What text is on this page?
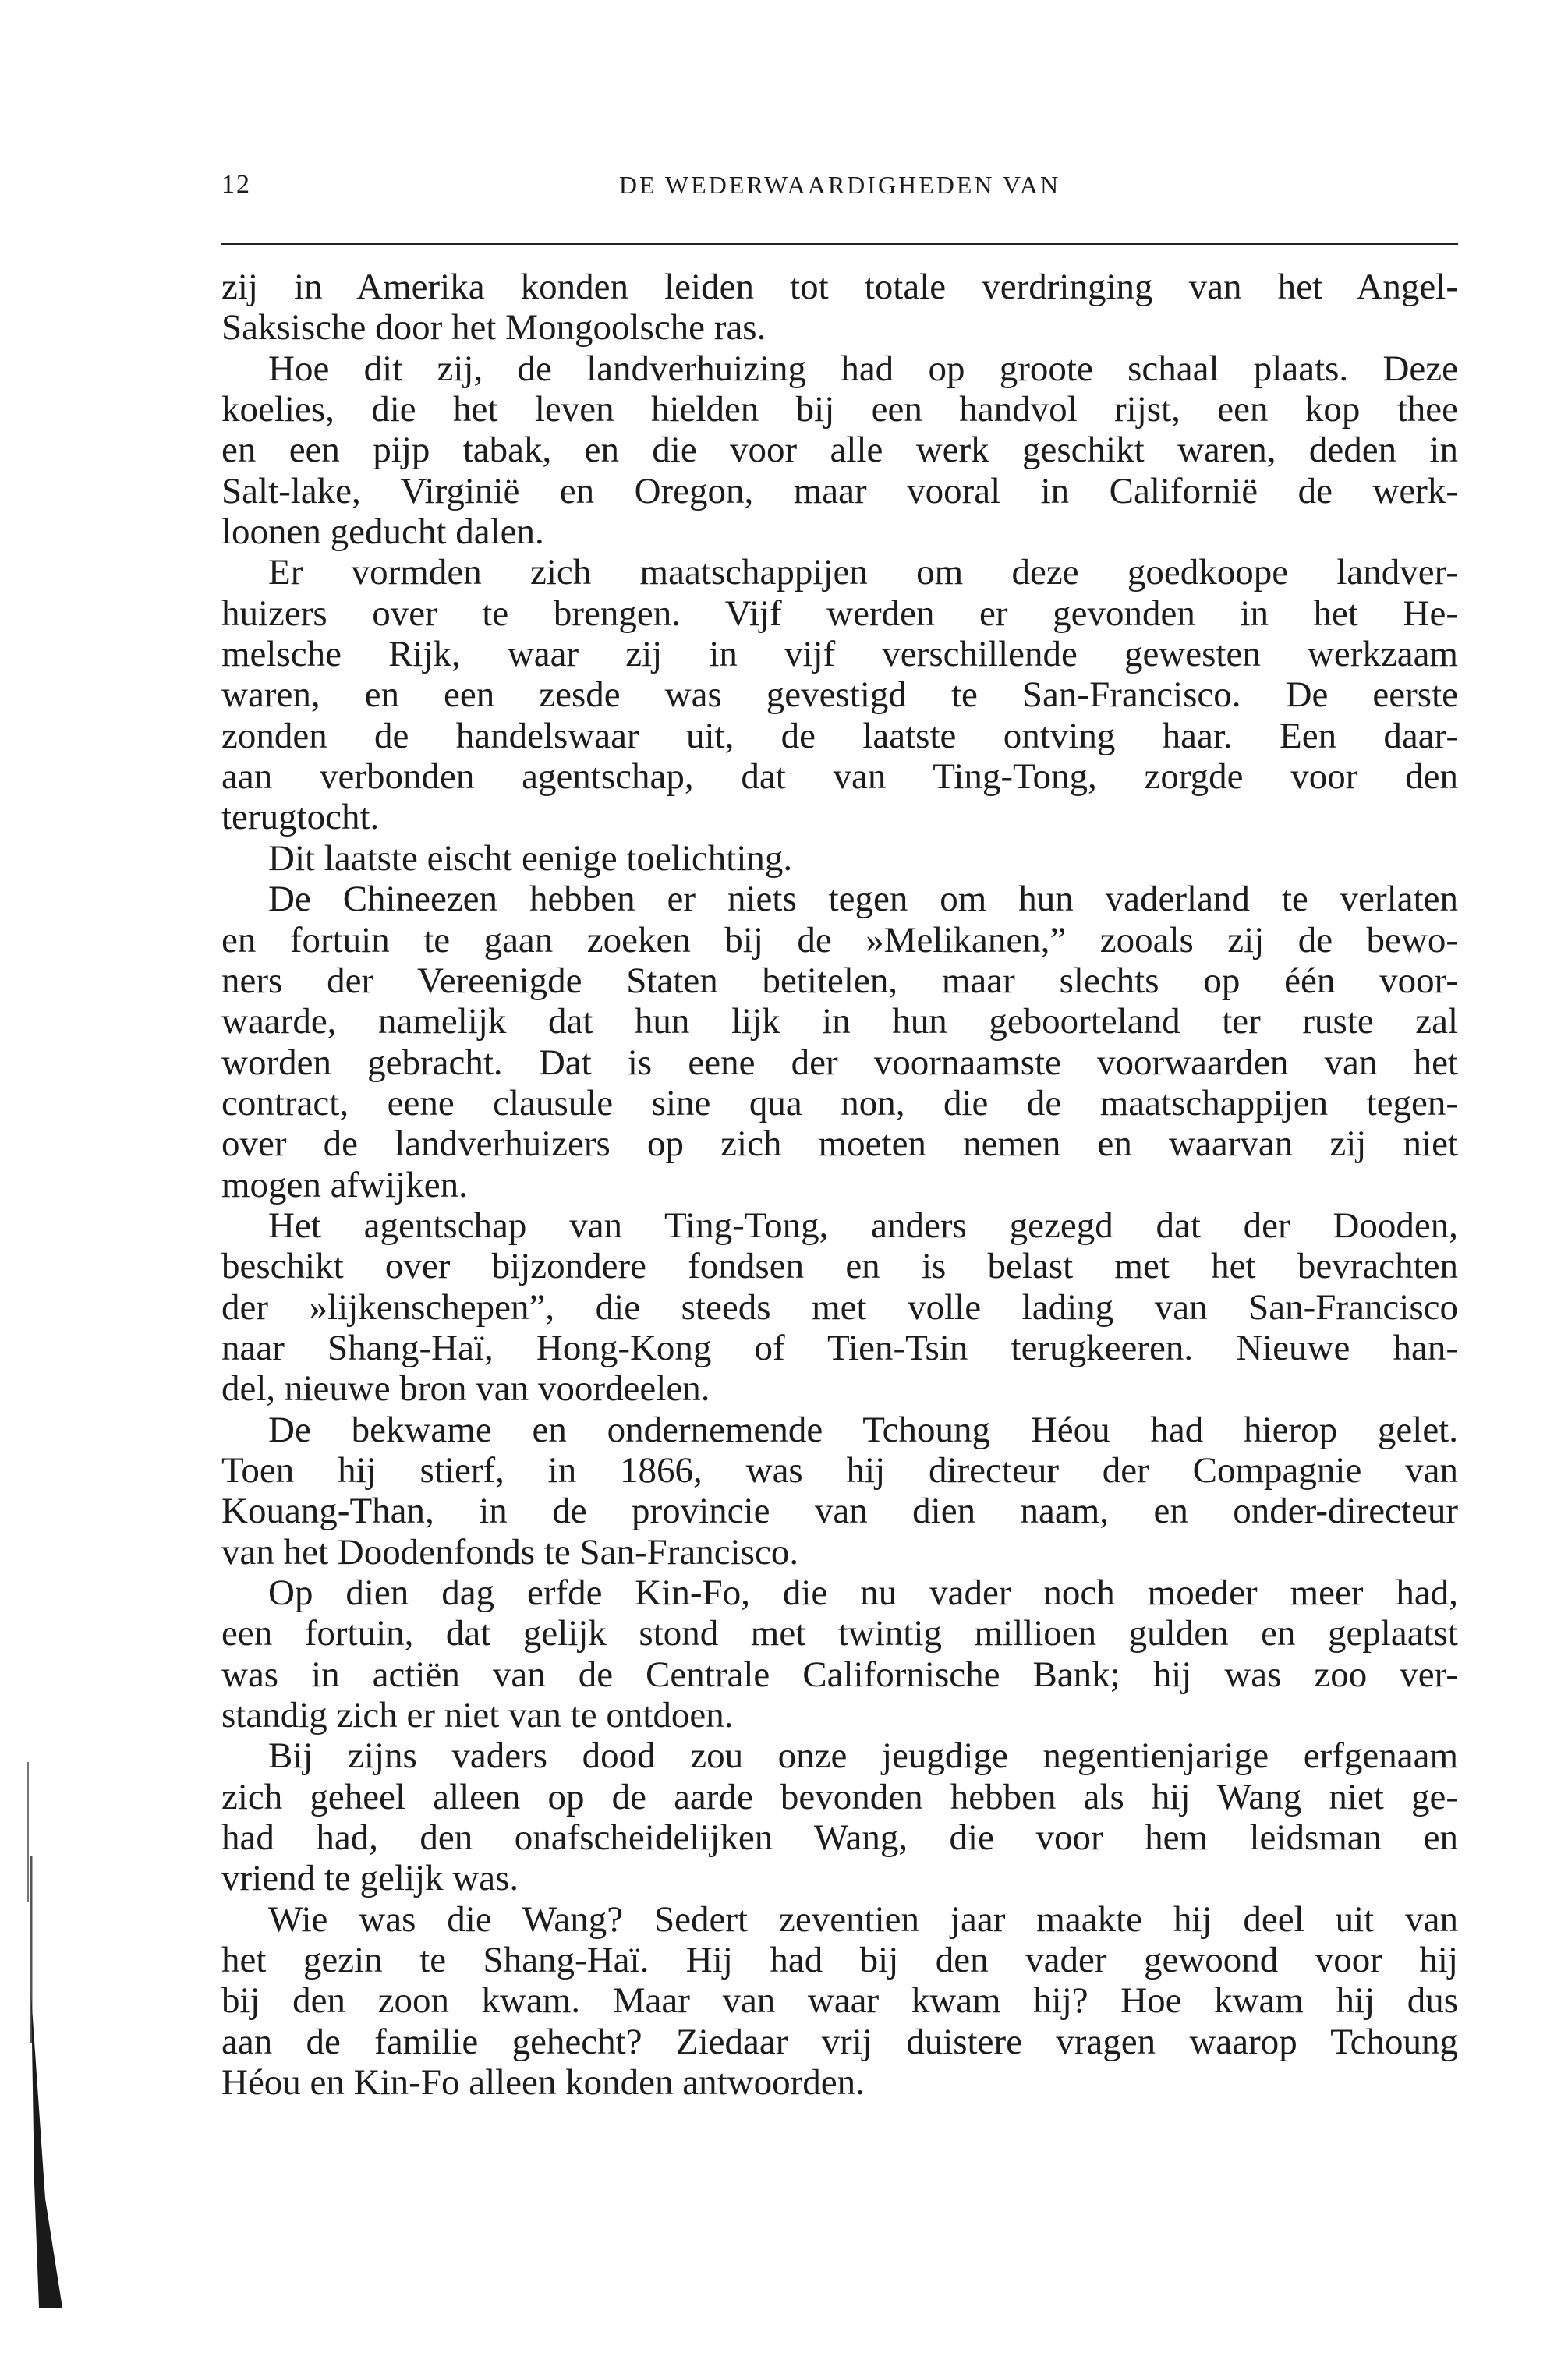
12	DE WEDERWAARDIGHEDEN VAN
zij in Amerika konden leiden tot totale verdringing van het Angel-
Saksische door het Mongoolsche ras.
Hoe dit zij, de landverhuizing had op groote schaal plaats. Deze
koelies, die het leven hielden bij een handvol rijst, een kop thee
en een pijp tabak, en die voor alle werk geschikt waren, deden in
Salt-lake, Virginië en Oregon, maar vooral in Californië de werk-
loonen geducht dalen.
Er vormden zich maatschappijen om deze goedkoope landver-
huizers over te brengen. Vijf werden er gevonden in het He-
melsche Rijk, waar zij in vijf verschillende gewesten werkzaam
waren, en een zesde was gevestigd te San-Francisco. De eerste
zonden de handelswaar uit, de laatste ontving haar. Een daar-
aan verbonden agentschap, dat van Ting-Tong, zorgde voor den
terugtocht.
Dit laatste eischt eenige toelichting.
De Chineezen hebben er niets tegen om hun vaderland te verlaten
en fortuin te gaan zoeken bij de »Melikanen,” zooals zij de bewo-
ners der Vereenigde Staten betitelen, maar slechts op één voor-
waarde, namelijk dat hun lijk in hun geboorteland ter ruste zal
worden gebracht. Dat is eene der voornaamste voorwaarden van het
contract, eene clausule sine qua non, die de maatschappijen tegen-
over de landverhuizers op zich moeten nemen en waarvan zij niet
mogen afwijken.
Het agentschap van Ting-Tong, anders gezegd dat der Dooden,
beschikt over bijzondere fondsen en is belast met het bevrachten
der »lijkenschepen”, die steeds met volle lading van San-Francisco
naar Shang-Haï, Hong-Kong of Tien-Tsin terugkeeren. Nieuwe han-
del, nieuwe bron van voordeelen.
De bekwame en ondernemende Tchoung Héou had hierop gelet.
Toen hij stierf, in 1866, was hij directeur der Compagnie van
Kouang-Than, in de provincie van dien naam, en onder-directeur
van het Doodenfonds te San-Francisco.
Op dien dag erfde Kin-Fo, die nu vader noch moeder meer had,
een fortuin, dat gelijk stond met twintig millioen gulden en geplaatst
was in actiën van de Centrale Californische Bank; hij was zoo ver-
standig zich er niet van te ontdoen.
Bij zijns vaders dood zou onze jeugdige negentienjarige erfgenaam
zich geheel alleen op de aarde bevonden hebben als hij Wang niet ge-
had had, den onafscheidelijken Wang, die voor hem leidsman en
vriend te gelijk was.
Wie was die Wang? Sedert zeventien jaar maakte hij deel uit van
het gezin te Shang-Haï. Hij had bij den vader gewoond voor hij
bij den zoon kwam. Maar van waar kwam hij? Hoe kwam hij dus
aan de familie gehecht? Ziedaar vrij duistere vragen waarop Tchoung
Héou en Kin-Fo alleen konden antwoorden.
